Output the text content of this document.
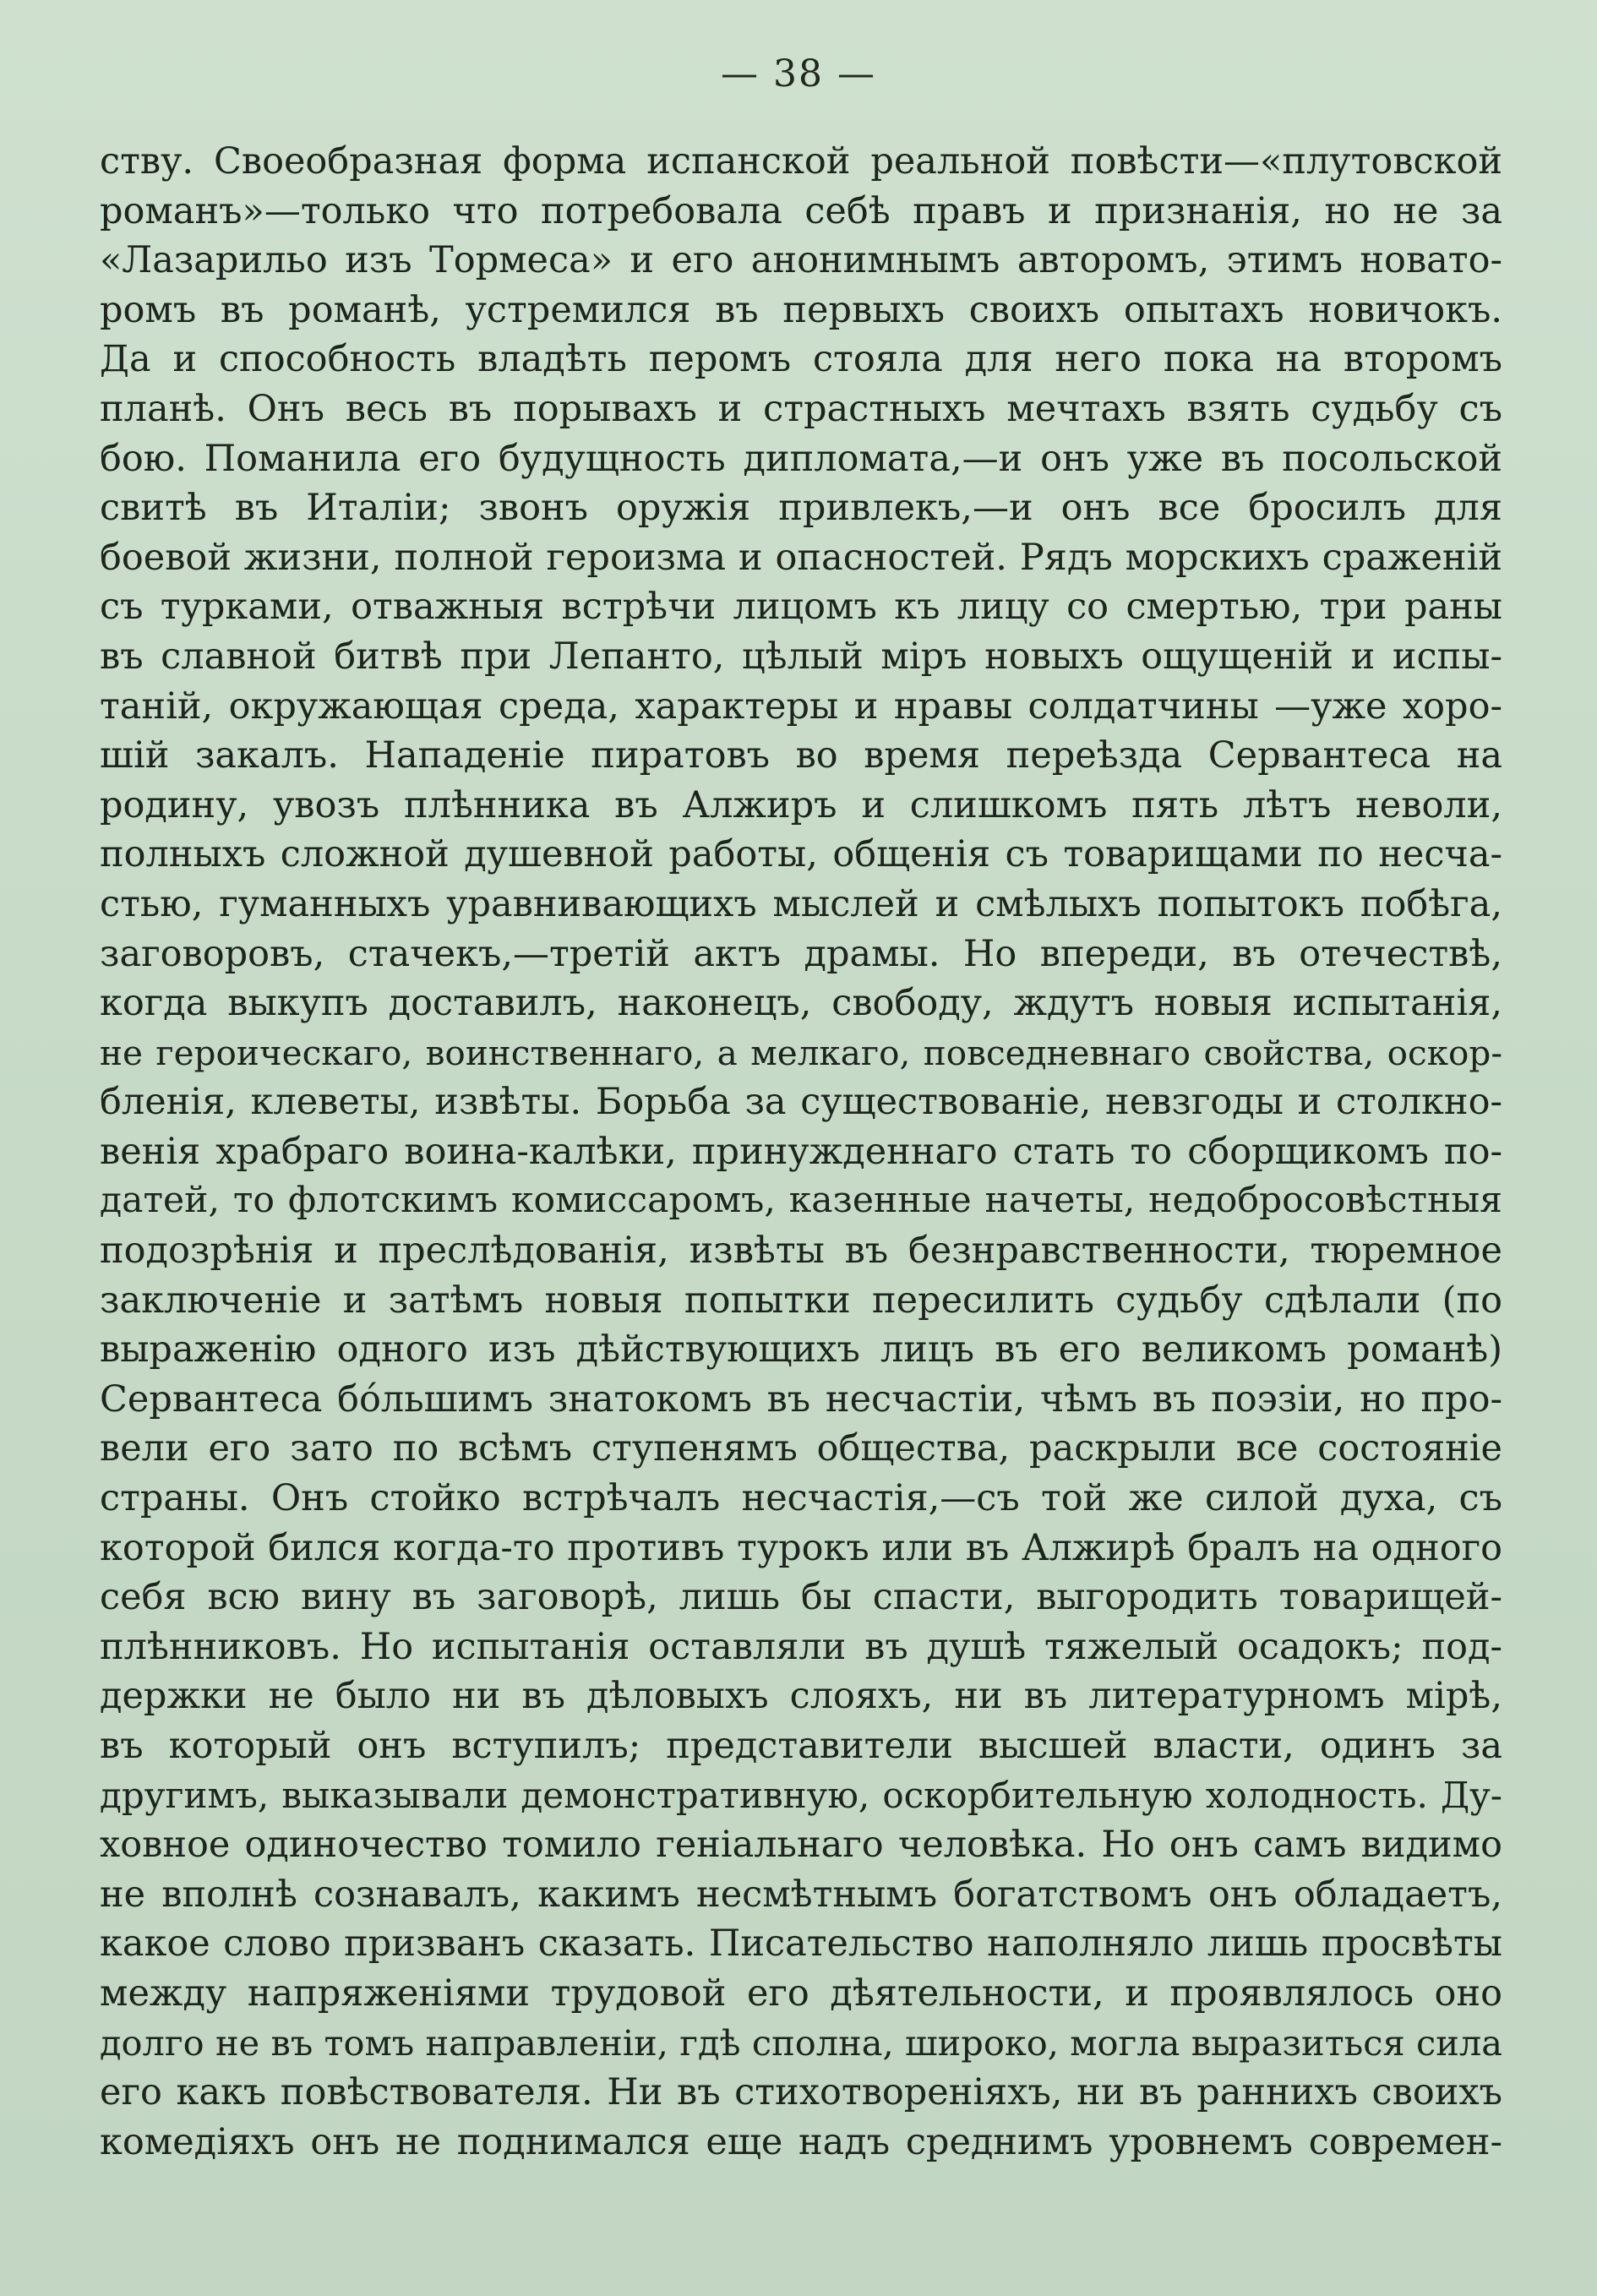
— 38 —
ству. Своеобразная форма испанской реальной повѣсти—«плутовской
романъ»—только что потребовала себѣ правъ и признанія, но не за
«Лазарильо изъ Тормеса» и его анонимнымъ авторомъ, этимъ новато-
ромъ въ романѣ, устремился въ первыхъ своихъ опытахъ новичокъ.
Да и способность владѣть перомъ стояла для него пока на второмъ
планѣ. Онъ весь въ порывахъ и страстныхъ мечтахъ взять судьбу съ
бою. Поманила его будущность дипломата,—и онъ уже въ посольской
свитѣ въ Италіи; звонъ оружія привлекъ,—и онъ все бросилъ для
боевой жизни, полной героизма и опасностей. Рядъ морскихъ сраженій
съ турками, отважныя встрѣчи лицомъ къ лицу со смертью, три раны
въ славной битвѣ при Лепанто, цѣлый міръ новыхъ ощущеній и испы-
таній, окружающая среда, характеры и нравы солдатчины —уже хоро-
шій закалъ. Нападеніе пиратовъ во время переѣзда Сервантеса на
родину, увозъ плѣнника въ Алжиръ и слишкомъ пять лѣтъ неволи,
полныхъ сложной душевной работы, общенія съ товарищами по несча-
стью, гуманныхъ уравнивающихъ мыслей и смѣлыхъ попытокъ побѣга,
заговоровъ, стачекъ,—третій актъ драмы. Но впереди, въ отечествѣ,
когда выкупъ доставилъ, наконецъ, свободу, ждутъ новыя испытанія,
не героическаго, воинственнаго, а мелкаго, повседневнаго свойства, оскор-
бленія, клеветы, извѣты. Борьба за существованіе, невзгоды и столкно-
венія храбраго воина-калѣки, принужденнаго стать то сборщикомъ по-
датей, то флотскимъ комиссаромъ, казенные начеты, недобросовѣстныя
подозрѣнія и преслѣдованія, извѣты въ безнравственности, тюремное
заключеніе и затѣмъ новыя попытки пересилить судьбу сдѣлали (по
выраженію одного изъ дѣйствующихъ лицъ въ его великомъ романѣ)
Сервантеса бóльшимъ знатокомъ въ несчастіи, чѣмъ въ поэзіи, но про-
вели его зато по всѣмъ ступенямъ общества, раскрыли все состояніе
страны. Онъ стойко встрѣчалъ несчастія,—съ той же силой духа, съ
которой бился когда-то противъ турокъ или въ Алжирѣ бралъ на одного
себя всю вину въ заговорѣ, лишь бы спасти, выгородить товарищей-
плѣнниковъ. Но испытанія оставляли въ душѣ тяжелый осадокъ; под-
держки не было ни въ дѣловыхъ слояхъ, ни въ литературномъ мірѣ,
въ который онъ вступилъ; представители высшей власти, одинъ за
другимъ, выказывали демонстративную, оскорбительную холодность. Ду-
ховное одиночество томило геніальнаго человѣка. Но онъ самъ видимо
не вполнѣ сознавалъ, какимъ несмѣтнымъ богатствомъ онъ обладаетъ,
какое слово призванъ сказать. Писательство наполняло лишь просвѣты
между напряженіями трудовой его дѣятельности, и проявлялось оно
долго не въ томъ направленіи, гдѣ сполна, широко, могла выразиться сила
его какъ повѣствователя. Ни въ стихотвореніяхъ, ни въ раннихъ своихъ
комедіяхъ онъ не поднимался еще надъ среднимъ уровнемъ современ-
